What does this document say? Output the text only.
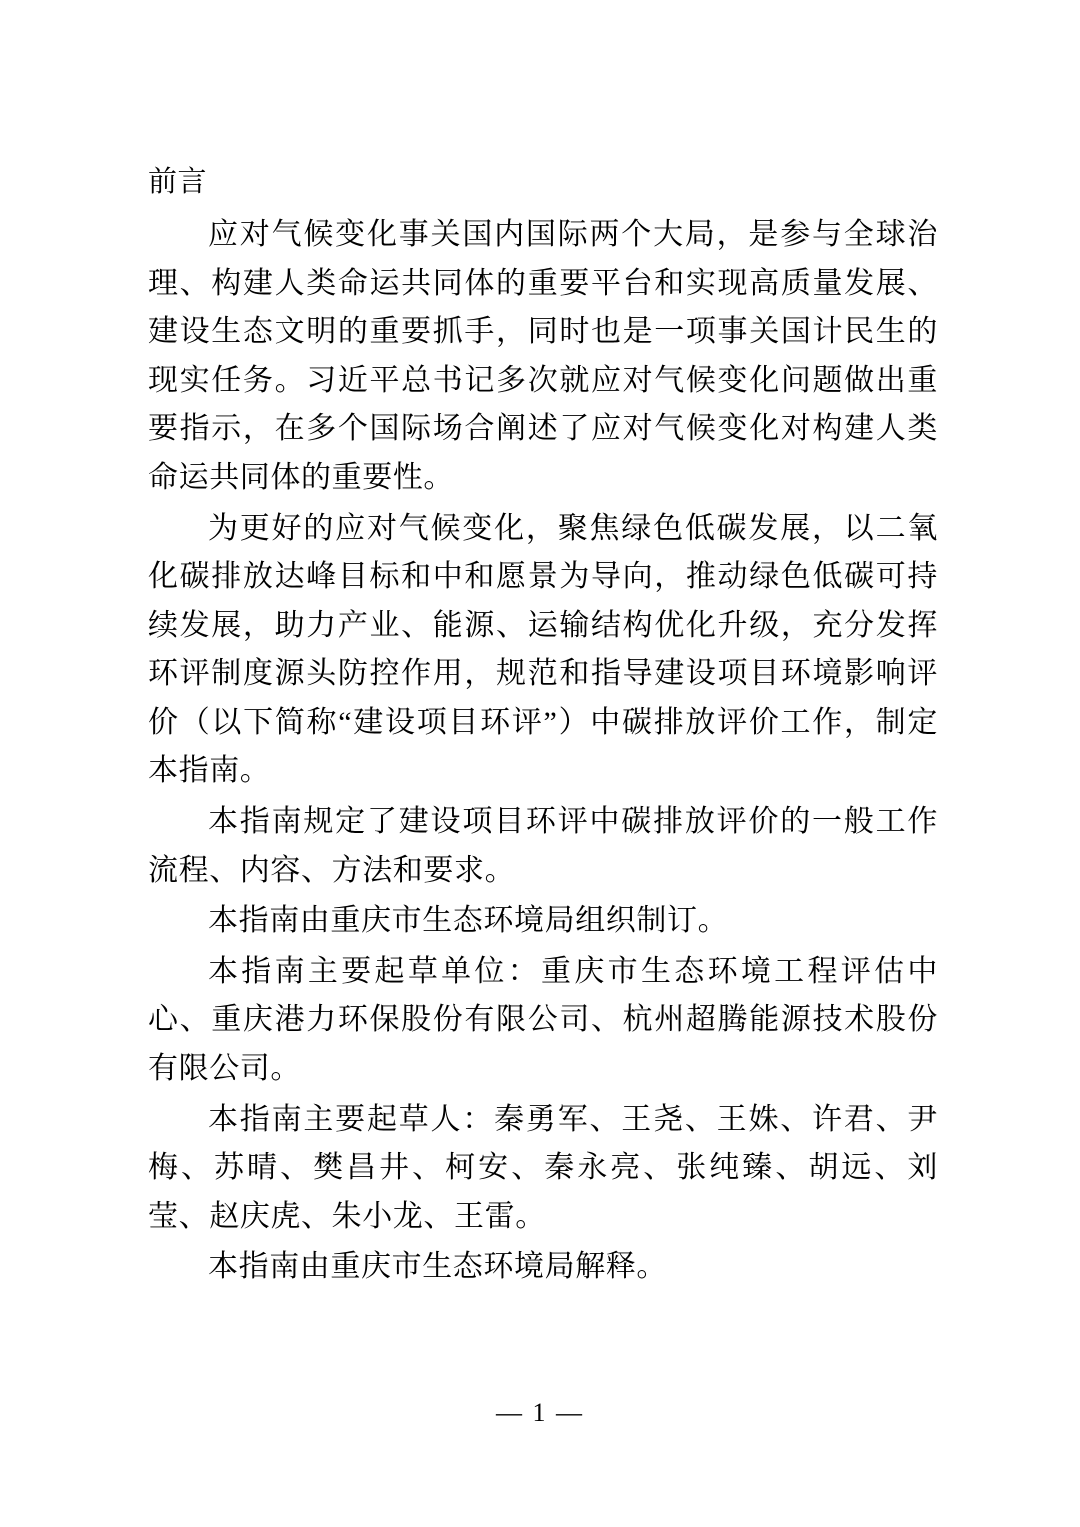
前言

应对气候变化事关国内国际两个大局，是参与全球治理、构建人类命运共同体的重要平台和实现高质量发展、建设生态文明的重要抓手，同时也是一项事关国计民生的现实任务。习近平总书记多次就应对气候变化问题做出重要指示，在多个国际场合阐述了应对气候变化对构建人类命运共同体的重要性。

为更好的应对气候变化，聚焦绿色低碳发展，以二氧化碳排放达峰目标和中和愿景为导向，推动绿色低碳可持续发展，助力产业、能源、运输结构优化升级，充分发挥环评制度源头防控作用，规范和指导建设项目环境影响评价（以下简称“建设项目环评”）中碳排放评价工作，制定本指南。

本指南规定了建设项目环评中碳排放评价的一般工作流程、内容、方法和要求。

本指南由重庆市生态环境局组织制订。

本指南主要起草单位：重庆市生态环境工程评估中心、重庆港力环保股份有限公司、杭州超腾能源技术股份有限公司。

本指南主要起草人：秦勇军、王尧、王姝、许君、尹梅、苏晴、樊昌井、柯安、秦永亮、张纯臻、胡远、刘莹、赵庆虎、朱小龙、王雷。

本指南由重庆市生态环境局解释。

— 1 —
